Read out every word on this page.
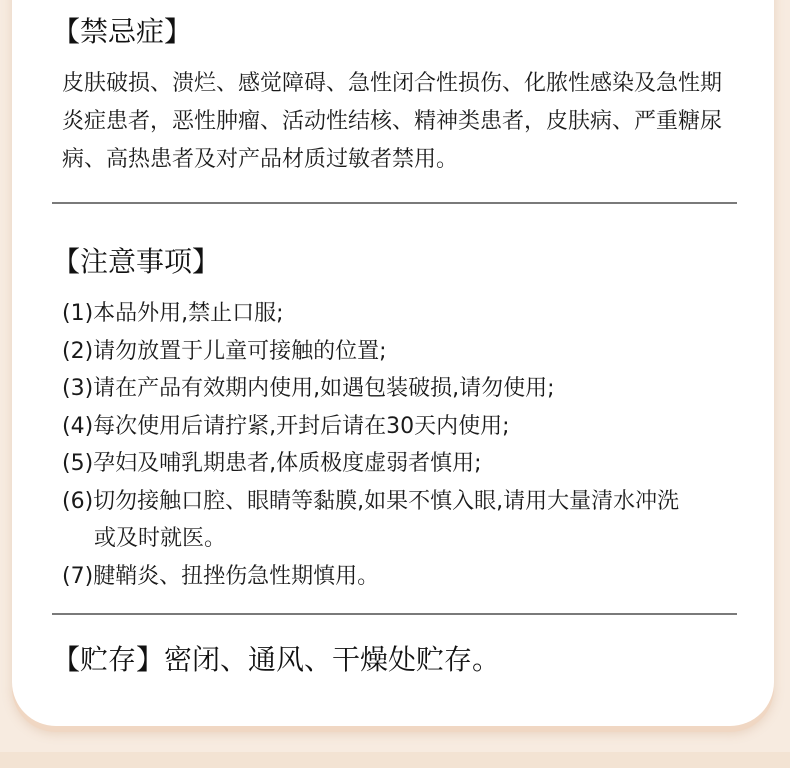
【禁忌症】
皮肤破损、溃烂、感觉障碍、急性闭合性损伤、化脓性感染及急性期
炎症患者，恶性肿瘤、活动性结核、精神类患者，皮肤病、严重糖尿
病、高热患者及对产品材质过敏者禁用。
【注意事项】
(1)本品外用,禁止口服;
(2)请勿放置于儿童可接触的位置;
(3)请在产品有效期内使用,如遇包装破损,请勿使用;
(4)每次使用后请拧紧,开封后请在30天内使用;
(5)孕妇及哺乳期患者,体质极度虚弱者慎用;
(6)切勿接触口腔、眼睛等黏膜,如果不慎入眼,请用大量清水冲洗
或及时就医。
(7)腱鞘炎、扭挫伤急性期慎用。
【贮存】密闭、通风、干燥处贮存。
